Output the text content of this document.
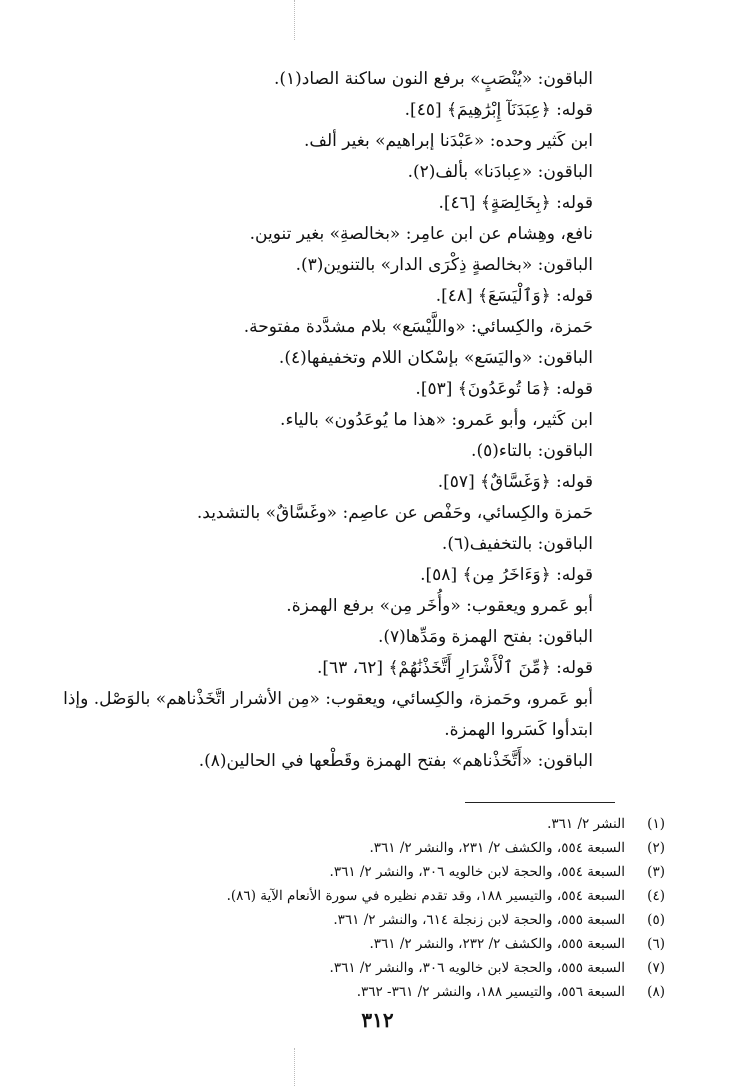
الباقون: «يُنْصَبٍ» برفع النون ساكنة الصاد(١).
قوله: ﴿عِبَدَنَآ إِبْرَٰهِيمَ﴾ [٤٥].
ابن كَثير وحده: «عَبْدَنا إبراهيم» بغير ألف.
الباقون: «عِبادَنا» بألف(٢).
قوله: ﴿بِخَالِصَةٍ﴾ [٤٦].
نافع، وهِشام عن ابن عامِر: «بخالصةِ» بغير تنوين.
الباقون: «بخالصةٍ ذِكْرَى الدار» بالتنوين(٣).
قوله: ﴿وَٱلْيَسَعَ﴾ [٤٨].
حَمزة، والكِسائي: «واللَّيْسَع» بلام مشدَّدة مفتوحة.
الباقون: «واليَسَع» بإسْكان اللام وتخفيفها(٤).
قوله: ﴿مَا تُوعَدُونَ﴾ [٥٣].
ابن كَثير، وأبو عَمرو: «هذا ما يُوعَدُون» بالياء.
الباقون: بالتاء(٥).
قوله: ﴿وَغَسَّاقٌ﴾ [٥٧].
حَمزة والكِسائي، وحَفْص عن عاصِم: «وغَسَّاقٌ» بالتشديد.
الباقون: بالتخفيف(٦).
قوله: ﴿وَءَاخَرُ مِن﴾ [٥٨].
أبو عَمرو ويعقوب: «وأُخَر مِن» برفع الهمزة.
الباقون: بفتح الهمزة ومَدِّها(٧).
قوله: ﴿مِّنَ ٱلْأَشْرَارِ أَتَّخَذْنَٰهُمْ﴾ [٦٢، ٦٣].
أبو عَمرو، وحَمزة، والكِسائي، ويعقوب: «مِن الأشرار اتَّخَذْناهم» بالوَصْل. وإذا ابتدأوا كَسَروا الهمزة.
الباقون: «أَتَّخَذْناهم» بفتح الهمزة وقَطْعها في الحالين(٨).
(١)
النشر ٢/ ٣٦١.
(٢)
السبعة ٥٥٤، والكشف ٢/ ٢٣١، والنشر ٢/ ٣٦١.
(٣)
السبعة ٥٥٤، والحجة لابن خالويه ٣٠٦، والنشر ٢/ ٣٦١.
(٤)
السبعة ٥٥٤، والتيسير ١٨٨، وقد تقدم نظيره في سورة الأنعام الآية (٨٦).
(٥)
السبعة ٥٥٥، والحجة لابن زنجلة ٦١٤، والنشر ٢/ ٣٦١.
(٦)
السبعة ٥٥٥، والكشف ٢/ ٢٣٢، والنشر ٢/ ٣٦١.
(٧)
السبعة ٥٥٥، والحجة لابن خالويه ٣٠٦، والنشر ٢/ ٣٦١.
(٨)
السبعة ٥٥٦، والتيسير ١٨٨، والنشر ٢/ ٣٦١- ٣٦٢.
٣١٢
